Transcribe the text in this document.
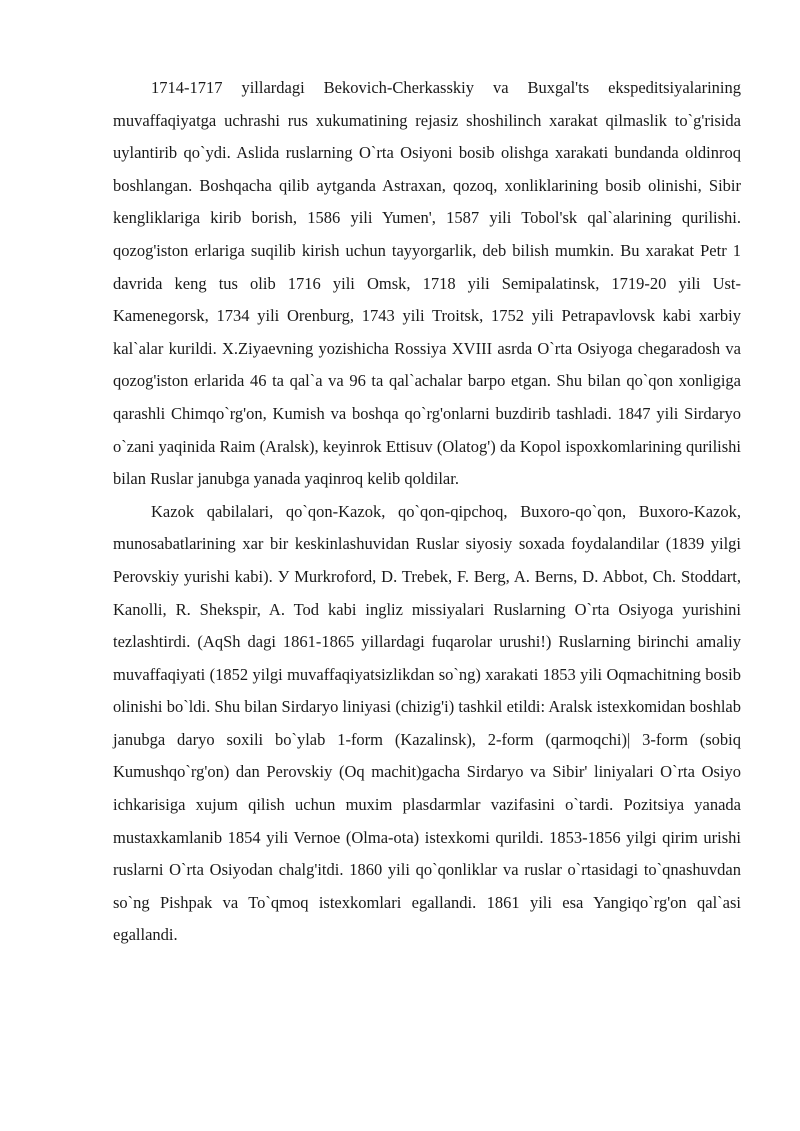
1714-1717 yillardagi Bekovich-Cherkasskiy va Buxgal'ts ekspeditsiyalarining muvaffaqiyatga uchrashi rus xukumatining rejasiz shoshilinch xarakat qilmaslik to`g'risida uylantirib qo`ydi. Aslida ruslarning O`rta Osiyoni bosib olishga xarakati bundanda oldinroq boshlangan. Boshqacha qilib aytganda Astraxan, qozoq, xonliklarining bosib olinishi, Sibir kengliklariga kirib borish, 1586 yili Yumen', 1587 yili Tobol'sk qal`alarining qurilishi. qozog'iston erlariga suqilib kirish uchun tayyorgarlik, deb bilish mumkin. Bu xarakat Petr 1 davrida keng tus olib 1716 yili Omsk, 1718 yili Semipalatinsk, 1719-20 yili Ust-Kamenegorsk, 1734 yili Orenburg, 1743 yili Troitsk, 1752 yili Petrapavlovsk kabi xarbiy kal`alar kurildi. X.Ziyaevning yozishicha Rossiya XVIII asrda O`rta Osiyoga chegaradosh va qozog'iston erlarida 46 ta qal`a va 96 ta qal`achalar barpo etgan. Shu bilan qo`qon xonligiga qarashli Chimqo`rg'on, Kumish va boshqa qo`rg'onlarni buzdirib tashladi. 1847 yili Sirdaryo o`zani yaqinida Raim (Aralsk), keyinrok Ettisuv (Olatog') da Kopol ispoxkomlarining qurilishi bilan Ruslar janubga yanada yaqinroq kelib qoldilar.

Kazok qabilalari, qo`qon-Kazok, qo`qon-qipchoq, Buxoro-qo`qon, Buxoro-Kazok, munosabatlarining xar bir keskinlashuvidan Ruslar siyosiy soxada foydalandilar (1839 yilgi Perovskiy yurishi kabi). У Murkroford, D. Trebek, F. Berg, A. Berns, D. Abbot, Ch. Stoddart, Kanolli, R. Shekspir, A. Tod kabi ingliz missiyalari Ruslarning O`rta Osiyoga yurishini tezlashtirdi. (AqSh dagi 1861-1865 yillardagi fuqarolar urushi!) Ruslarning birinchi amaliy muvaffaqiyati (1852 yilgi muvaffaqiyatsizlikdan so`ng) xarakati 1853 yili Oqmachitning bosib olinishi bo`ldi. Shu bilan Sirdaryo liniyasi (chizig'i) tashkil etildi: Aralsk istexkomidan boshlab janubga daryo soxili bo`ylab 1-form (Kazalinsk), 2-form (qarmoqchi)| 3-form (sobiq Kumushqo`rg'on) dan Perovskiy (Oq machit)gacha Sirdaryo va Sibir' liniyalari O`rta Osiyo ichkarisiga xujum qilish uchun muxim plasdarmlar vazifasini o`tardi. Pozitsiya yanada mustaxkamlanib 1854 yili Vernoe (Olma-ota) istexkomi qurildi. 1853-1856 yilgi qirim urishi ruslarni O`rta Osiyodan chalg'itdi. 1860 yili qo`qonliklar va ruslar o`rtasidagi to`qnashuvdan so`ng Pishpak va To`qmoq istexkomlari egallandi. 1861 yili esa Yangiqo`rg'on qal`asi egallandi.
